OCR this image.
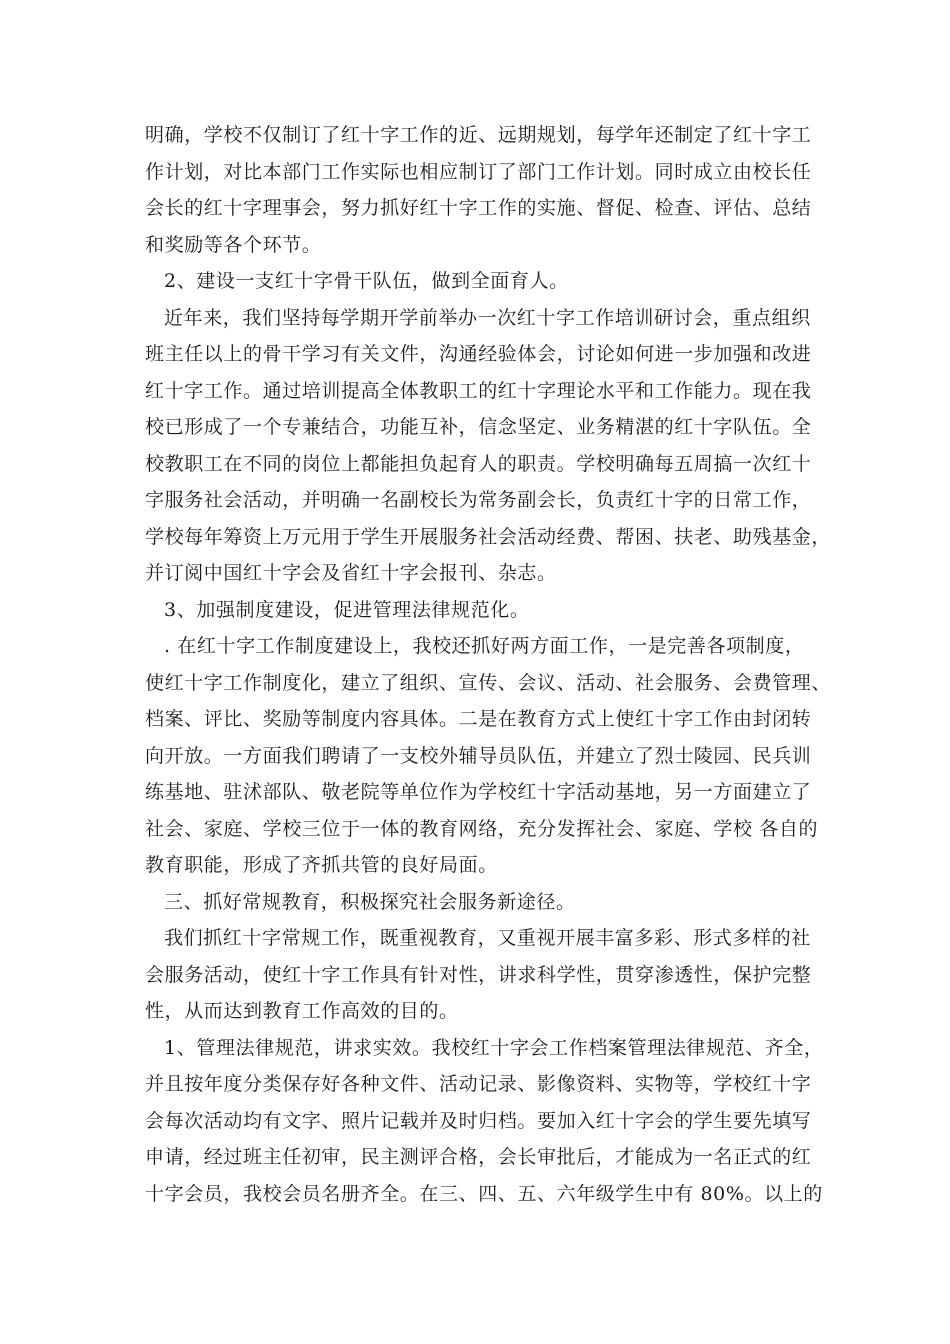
明确，学校不仅制订了红十字工作的近、远期规划，每学年还制定了红十字工
作计划，对比本部门工作实际也相应制订了部门工作计划。同时成立由校长任
会长的红十字理事会，努力抓好红十字工作的实施、督促、检查、评估、总结
和奖励等各个环节。
2、建设一支红十字骨干队伍，做到全面育人。
近年来，我们坚持每学期开学前举办一次红十字工作培训研讨会，重点组织
班主任以上的骨干学习有关文件，沟通经验体会，讨论如何进一步加强和改进
红十字工作。通过培训提高全体教职工的红十字理论水平和工作能力。现在我
校已形成了一个专兼结合，功能互补，信念坚定、业务精湛的红十字队伍。全
校教职工在不同的岗位上都能担负起育人的职责。学校明确每五周搞一次红十
字服务社会活动，并明确一名副校长为常务副会长，负责红十字的日常工作，
学校每年筹资上万元用于学生开展服务社会活动经费、帮困、扶老、助残基金，
并订阅中国红十字会及省红十字会报刊、杂志。
3、加强制度建设，促进管理法律规范化。
. 在红十字工作制度建设上，我校还抓好两方面工作，一是完善各项制度，
使红十字工作制度化，建立了组织、宣传、会议、活动、社会服务、会费管理、
档案、评比、奖励等制度内容具体。二是在教育方式上使红十字工作由封闭转
向开放。一方面我们聘请了一支校外辅导员队伍，并建立了烈士陵园、民兵训
练基地、驻沭部队、敬老院等单位作为学校红十字活动基地，另一方面建立了
社会、家庭、学校三位于一体的教育网络，充分发挥社会、家庭、学校 各自的
教育职能，形成了齐抓共管的良好局面。
三、抓好常规教育，积极探究社会服务新途径。
我们抓红十字常规工作，既重视教育，又重视开展丰富多彩、形式多样的社
会服务活动，使红十字工作具有针对性，讲求科学性，贯穿渗透性，保护完整
性，从而达到教育工作高效的目的。
1、管理法律规范，讲求实效。我校红十字会工作档案管理法律规范、齐全，
并且按年度分类保存好各种文件、活动记录、影像资料、实物等，学校红十字
会每次活动均有文字、照片记载并及时归档。要加入红十字会的学生要先填写
申请，经过班主任初审，民主测评合格，会长审批后，才能成为一名正式的红
十字会员，我校会员名册齐全。在三、四、五、六年级学生中有 80%。以上的
